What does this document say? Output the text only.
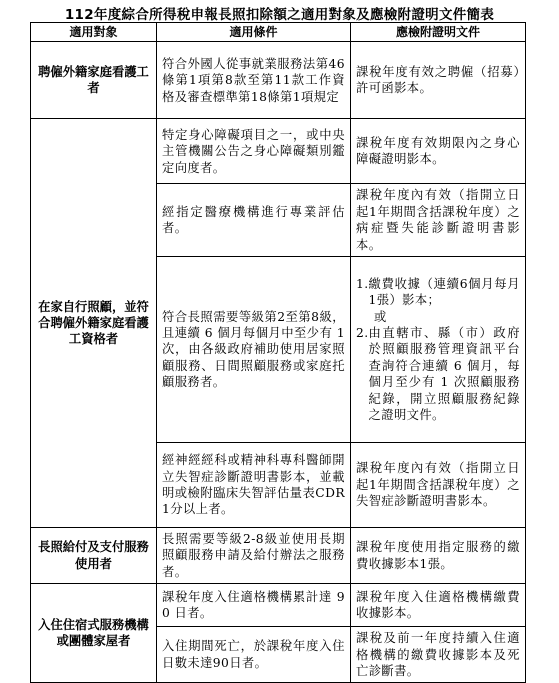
112年度綜合所得稅申報長照扣除額之適用對象及應檢附證明文件簡表
適用對象	適用條件	應檢附證明文件
聘僱外籍家庭看護工者	符合外國人從事就業服務法第46條第1項第8款至第11款工作資格及審查標準第18條第1項規定	課稅年度有效之聘僱（招募）許可函影本。
在家自行照顧，並符合聘僱外籍家庭看護工資格者	特定身心障礙項目之一，或中央主管機關公告之身心障礙類別鑑定向度者。	課稅年度有效期限內之身心障礙證明影本。
	經指定醫療機構進行專業評估者。	課稅年度內有效（指開立日起1年期間含括課稅年度）之病症暨失能診斷證明書影本。
	符合長照需要等級第2至第8級，且連續 6 個月每個月中至少有 1 次，由各級政府補助使用居家照顧服務、日間照顧服務或家庭托顧服務者。	1. 繳費收據（連續6個月每月1張）影本；
或
2. 由直轄市、縣（市）政府於照顧服務管理資訊平台查詢符合連續 6 個月，每個月至少有 1 次照顧服務紀錄，開立照顧服務紀錄之證明文件。

	經神經經科或精神科專科醫師開立失智症診斷證明書影本，並載明或檢附臨床失智評估量表CDR1分以上者。	課稅年度內有效（指開立日起1年期間含括課稅年度）之失智症診斷證明書影本。
長照給付及支付服務使用者	長照需要等級2-8級並使用長期照顧服務申請及給付辦法之服務者。	課稅年度使用指定服務的繳費收據影本1張。
入住住宿式服務機構或團體家屋者	課稅年度入住適格機構累計達 90 日者。	課稅年度入住適格機構繳費收據影本。
	入住期間死亡，於課稅年度入住日數未達90日者。	課稅及前一年度持續入住適格機構的繳費收據影本及死亡診斷書。
